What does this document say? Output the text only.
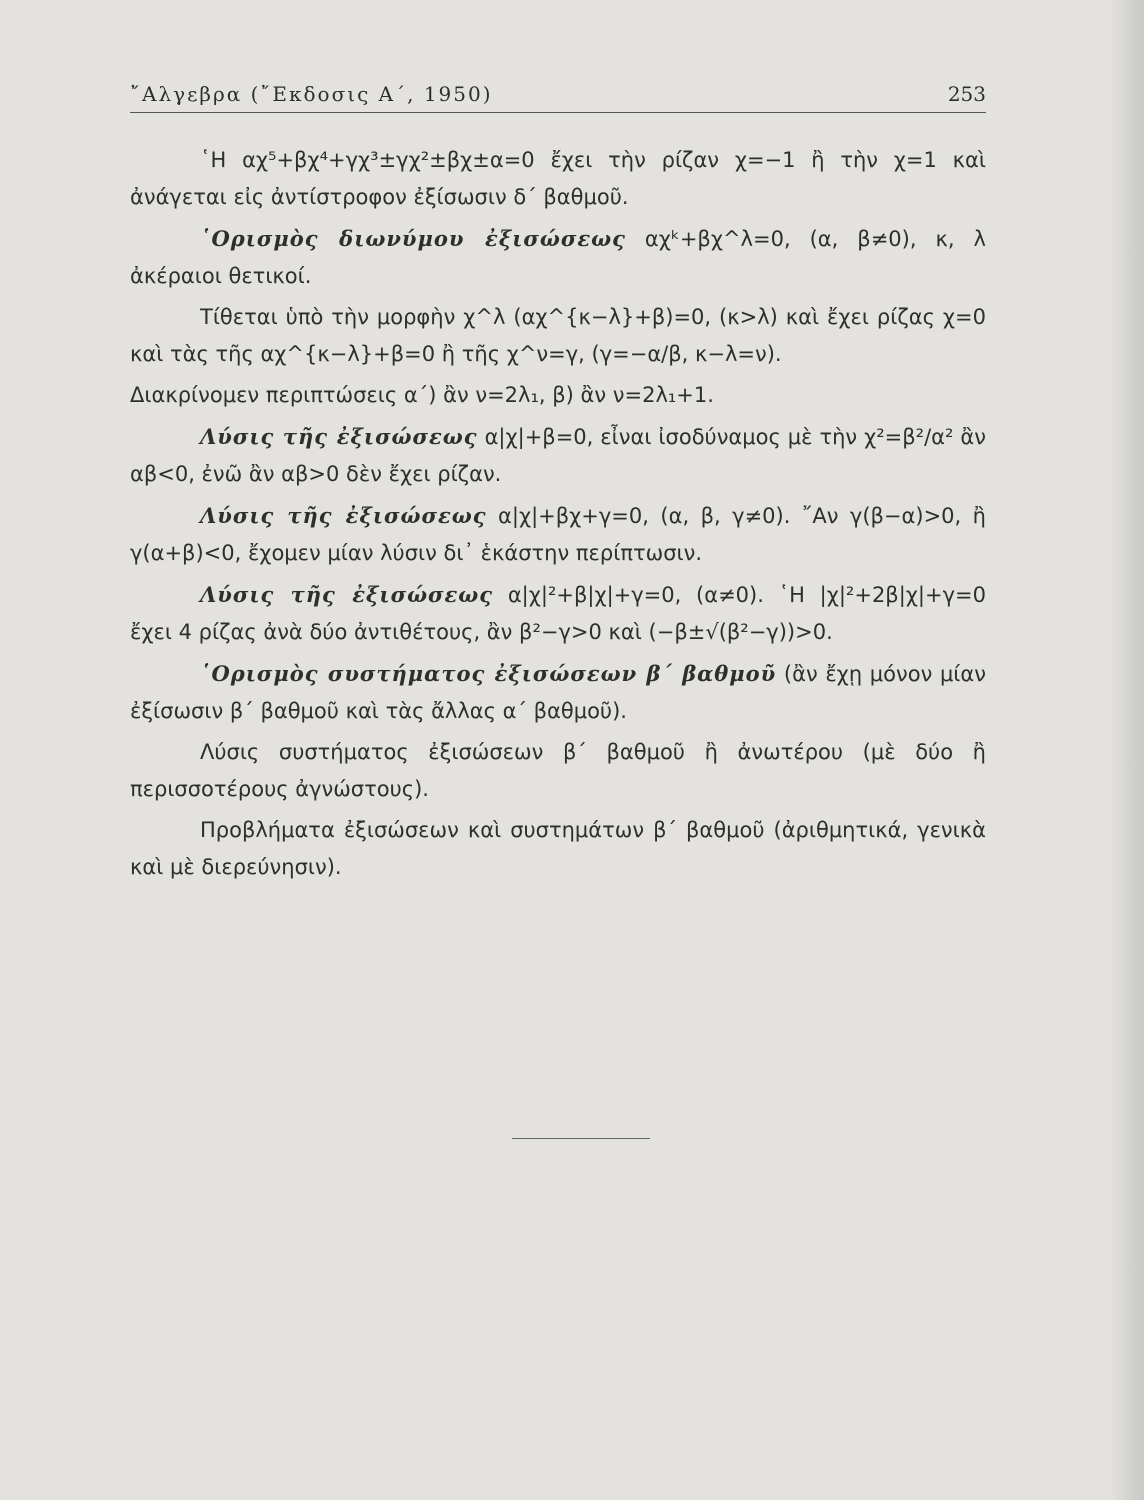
῎Αλγεβρα (῎Εκδοσις Α΄, 1950)	253

῾Η αχ⁵+βχ⁴+γχ³±γχ²±βχ±α=0 ἔχει τὴν ρίζαν χ=−1 ἢ τὴν χ=1 καὶ ἀνάγεται εἰς ἀντίστροφον ἐξίσωσιν δ΄ βαθμοῦ.

῾Ορισμὸς διωνύμου ἐξισώσεως αχᵏ+βχ^λ=0, (α, β≠0), κ, λ ἀκέραιοι θετικοί.

Τίθεται ὑπὸ τὴν μορφὴν χ^λ (αχ^{κ−λ}+β)=0, (κ>λ) καὶ ἔχει ρίζας χ=0 καὶ τὰς τῆς αχ^{κ−λ}+β=0 ἢ τῆς χ^ν=γ, (γ=−α/β, κ−λ=ν).

Διακρίνομεν περιπτώσεις α΄) ἂν ν=2λ₁, β) ἂν ν=2λ₁+1.

Λύσις τῆς ἐξισώσεως α|χ|+β=0, εἶναι ἰσοδύναμος μὲ τὴν χ²=β²/α² ἂν αβ<0, ἐνῶ ἂν αβ>0 δὲν ἔχει ρίζαν.

Λύσις τῆς ἐξισώσεως α|χ|+βχ+γ=0, (α, β, γ≠0). ῎Αν γ(β−α)>0, ἢ γ(α+β)<0, ἔχομεν μίαν λύσιν δι᾿ ἑκάστην περίπτωσιν.

Λύσις τῆς ἐξισώσεως α|χ|²+β|χ|+γ=0, (α≠0). ῾Η |χ|²+2β|χ|+γ=0 ἔχει 4 ρίζας ἀνὰ δύο ἀντιθέτους, ἂν β²−γ>0 καὶ (−β±√(β²−γ))>0.

῾Ορισμὸς συστήματος ἐξισώσεων β΄ βαθμοῦ (ἂν ἔχῃ μόνον μίαν ἐξίσωσιν β΄ βαθμοῦ καὶ τὰς ἄλλας α΄ βαθμοῦ).

Λύσις συστήματος ἐξισώσεων β΄ βαθμοῦ ἢ ἀνωτέρου (μὲ δύο ἢ περισσοτέρους ἀγνώστους).

Προβλήματα ἐξισώσεων καὶ συστημάτων β΄ βαθμοῦ (ἀριθμητικά, γενικὰ καὶ μὲ διερεύνησιν).
